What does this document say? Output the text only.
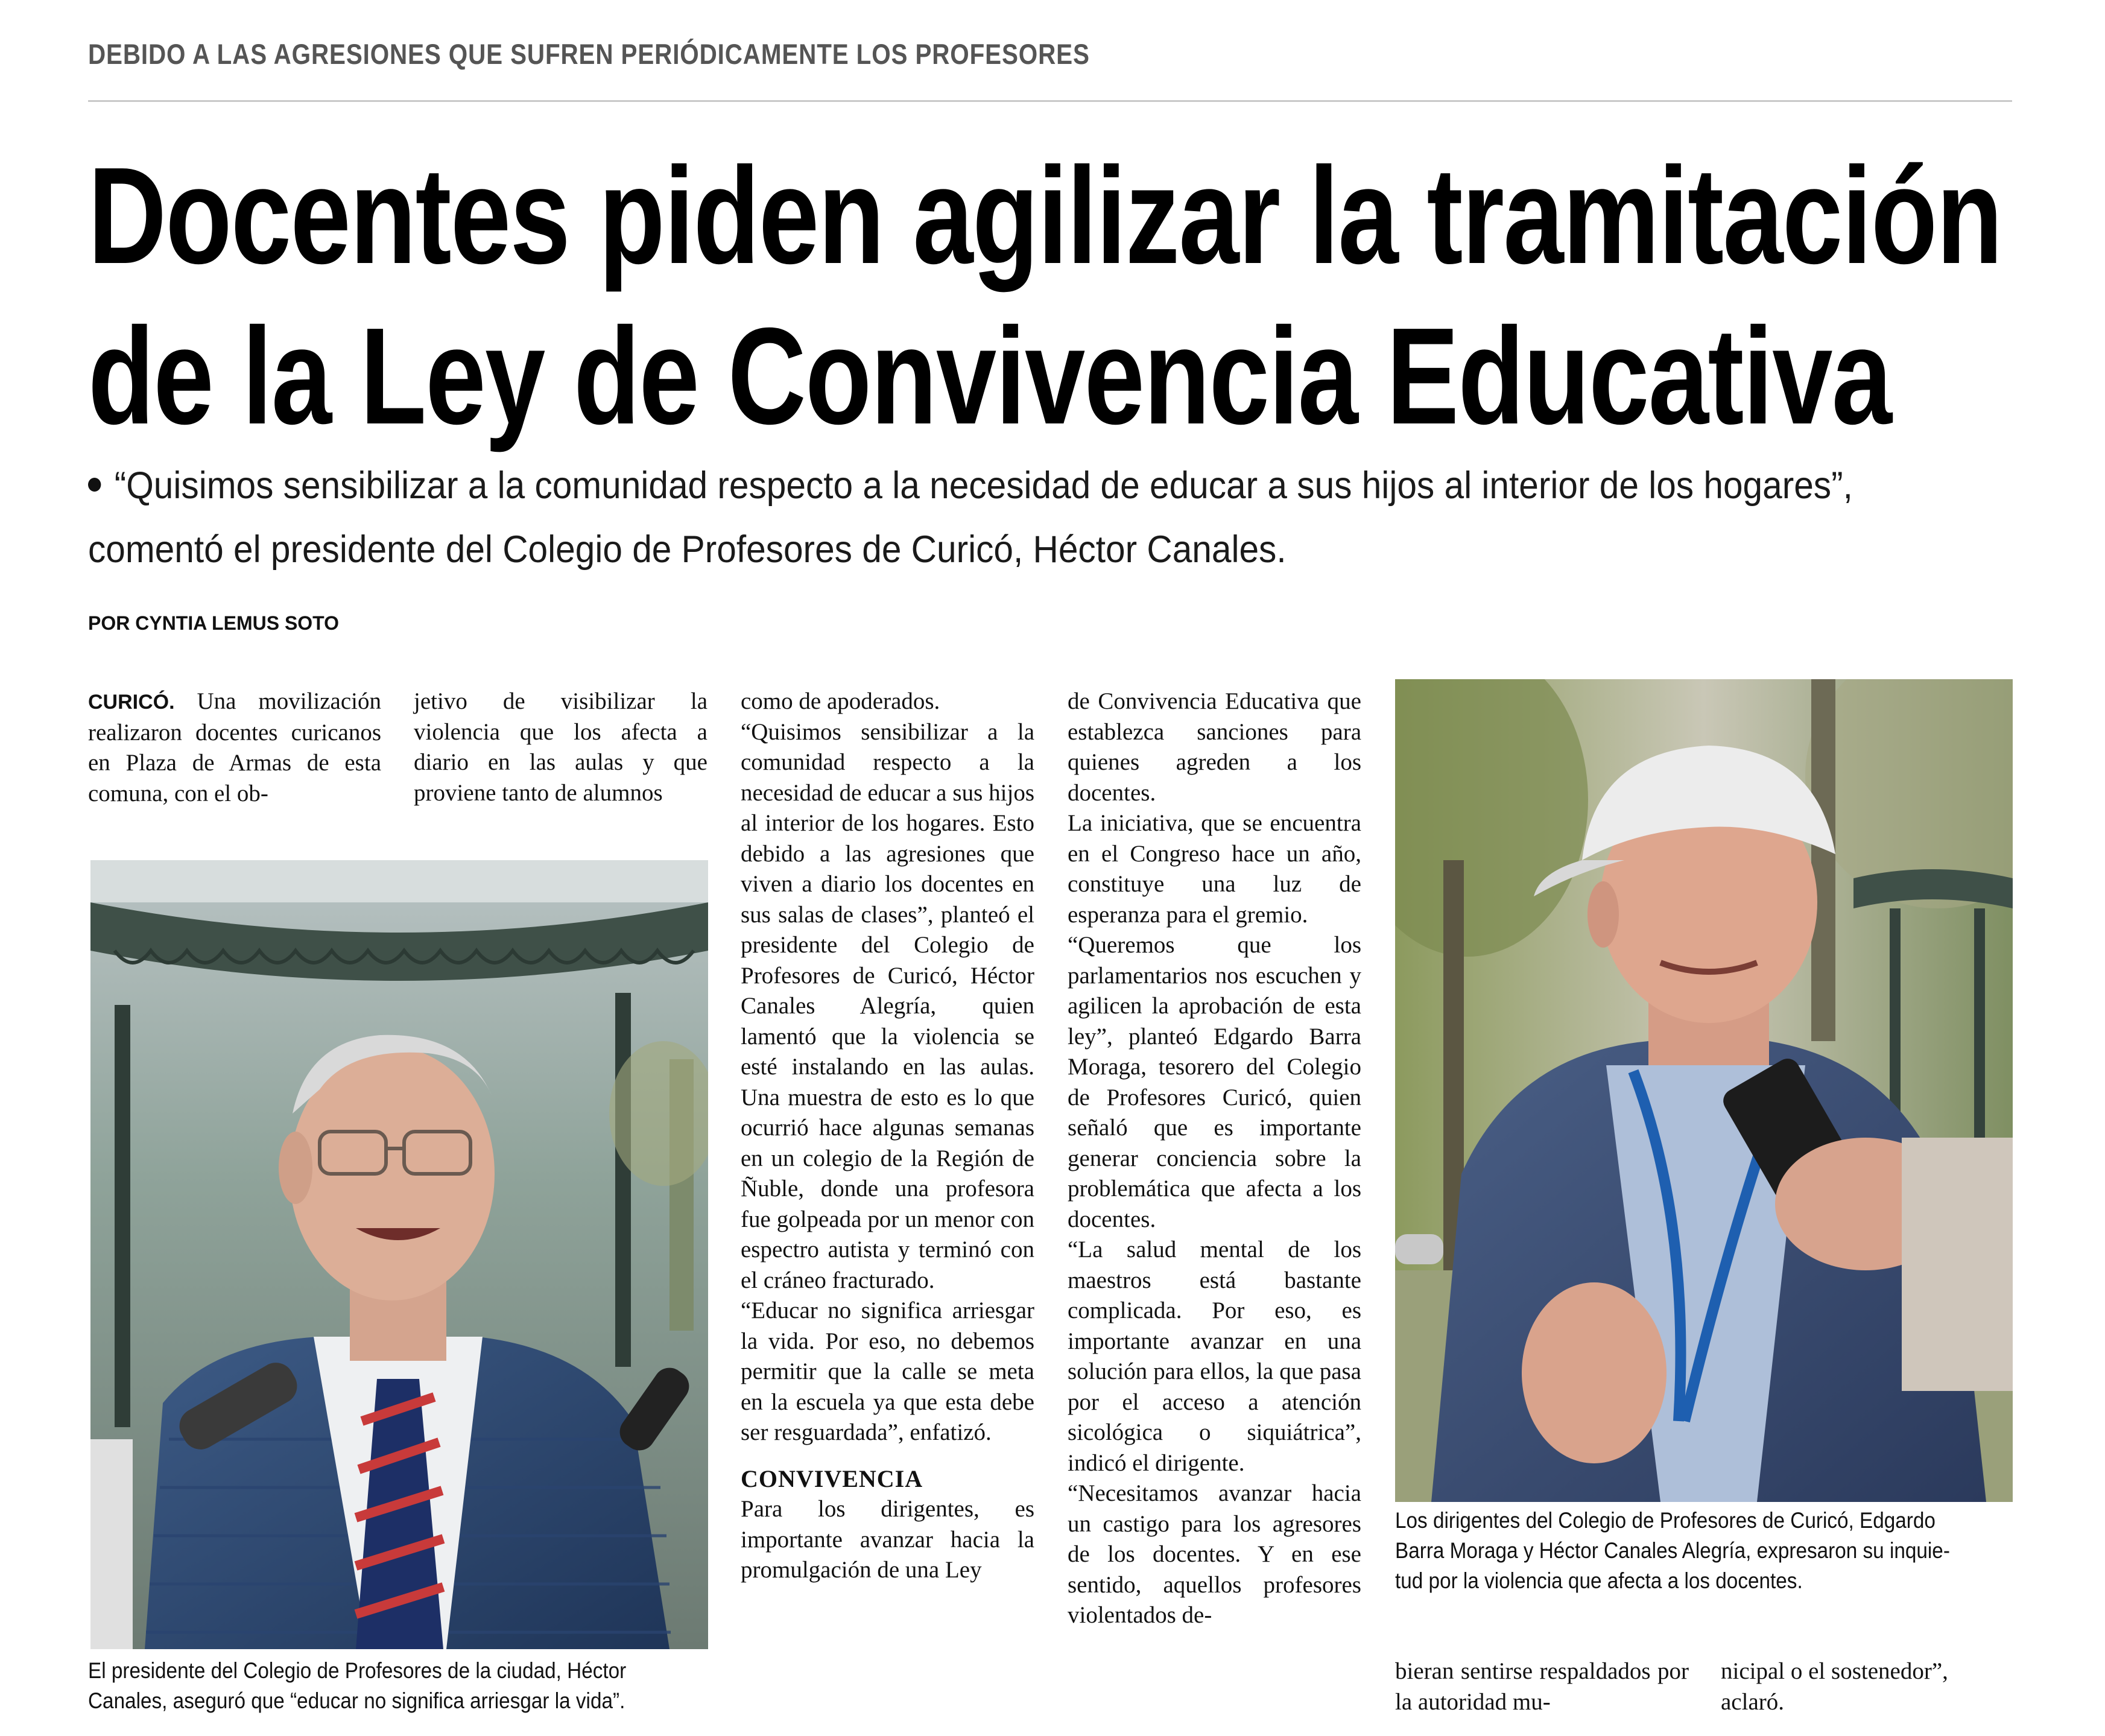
DEBIDO A LAS AGRESIONES QUE SUFREN PERIÓDICAMENTE LOS PROFESORES
Docentes piden agilizar la tramitación
de la Ley de Convivencia Educativa
“Quisimos sensibilizar a la comunidad respecto a la necesidad de educar a sus hijos al interior de los hogares”,
comentó el presidente del Colegio de Profesores de Curicó, Héctor Canales.
POR CYNTIA LEMUS SOTO

CURICÓ. Una movilización realizaron docentes curicanos en Plaza de Armas de esta comuna, con el ob-

jetivo de visibilizar la violencia que los afecta a diario en las aulas y que proviene tanto de alumnos

El presidente del Colegio de Profesores de la ciudad, Héctor
Canales, aseguró que “educar no significa arriesgar la vida”.

como de apoderados.

“Quisimos sensibilizar a la comunidad respecto a la necesidad de educar a sus hijos al interior de los hogares. Esto debido a las agresiones que viven a diario los docentes en sus salas de clases”, planteó el presidente del Colegio de Profesores de Curicó, Héctor Canales Alegría, quien lamentó que la violencia se esté instalando en las aulas. Una muestra de esto es lo que ocurrió hace algunas semanas en un colegio de la Región de Ñuble, donde una profesora fue golpeada por un menor con espectro autista y terminó con el cráneo fracturado.

“Educar no significa arriesgar la vida. Por eso, no debemos permitir que la calle se meta en la escuela ya que esta debe ser resguardada”, enfatizó.

CONVIVENCIA

Para los dirigentes, es importante avanzar hacia la promulgación de una Ley

de Convivencia Educativa que establezca sanciones para quienes agreden a los docentes.

La iniciativa, que se encuentra en el Congreso hace un año, constituye una luz de esperanza para el gremio.

“Queremos que los parlamentarios nos escuchen y agilicen la aprobación de esta ley”, planteó Edgardo Barra Moraga, tesorero del Colegio de Profesores Curicó, quien señaló que es importante generar conciencia sobre la problemática que afecta a los docentes.

“La salud mental de los maestros está bastante complicada. Por eso, es importante avanzar en una solución para ellos, la que pasa por el acceso a atención sicológica o siquiátrica”, indicó el dirigente.

“Necesitamos avanzar hacia un castigo para los agresores de los docentes. Y en ese sentido, aquellos profesores violentados de-

Los dirigentes del Colegio de Profesores de Curicó, Edgardo
Barra Moraga y Héctor Canales Alegría, expresaron su inquie-
tud por la violencia que afecta a los docentes.

bieran sentirse respaldados por la autoridad mu-

nicipal o el sostenedor”, aclaró.
